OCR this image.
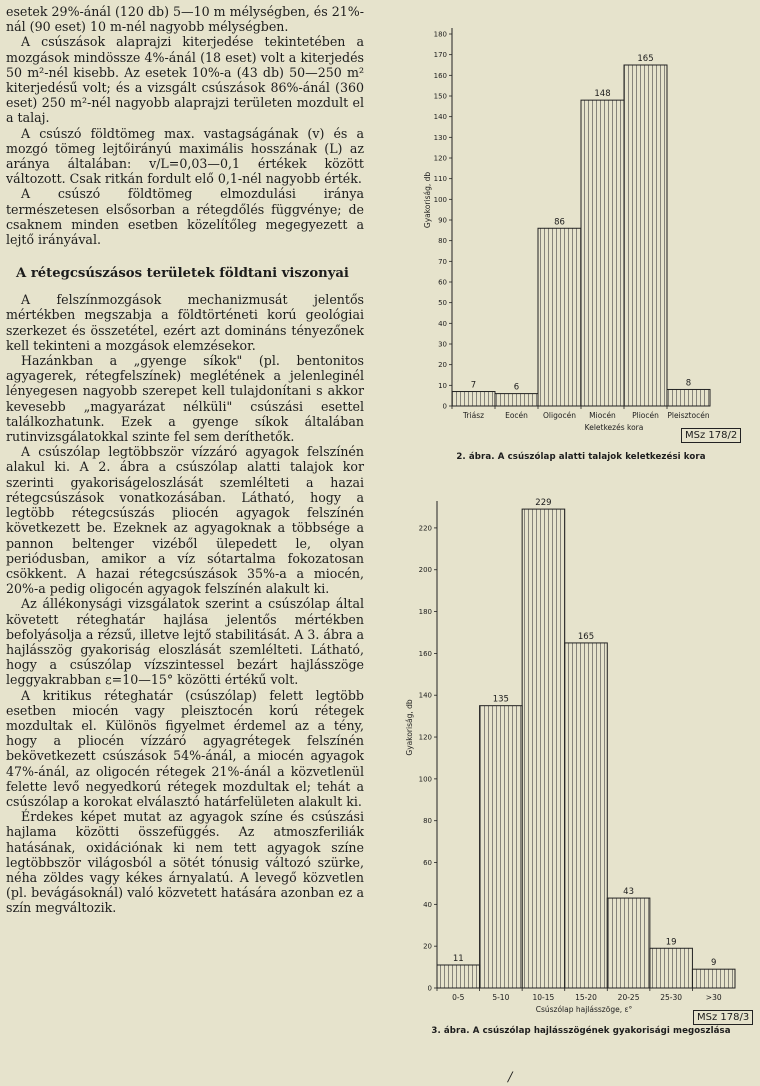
esetek 29%-ánál (120 db) 5—10 m mélységben, és 21%-nál (90 eset) 10 m-nél nagyobb mélységben.

A csúszások alaprajzi kiterjedése tekintetében a mozgások mindössze 4%-ánál (18 eset) volt a kiterjedés 50 m²-nél kisebb. Az esetek 10%-a (43 db) 50—250 m² kiterjedésű volt; és a vizsgált csúszások 86%-ánál (360 eset) 250 m²-nél nagyobb alaprajzi területen mozdult el a talaj.

A csúszó földtömeg max. vastagságának (v) és a mozgó tömeg lejtőirányú maximális hosszának (L) az aránya általában: v/L=0,03—0,1 értékek között változott. Csak ritkán fordult elő 0,1-nél nagyobb érték.

A csúszó földtömeg elmozdulási iránya természetesen elsősorban a rétegdőlés függvénye; de csaknem minden esetben közelítőleg megegyezett a lejtő irányával.

A rétegcsúszásos területek földtani viszonyai

A felszínmozgások mechanizmusát jelentős mértékben megszabja a földtörténeti korú geológiai szerkezet és összetétel, ezért azt domináns tényezőnek kell tekinteni a mozgások elemzésekor.

Hazánkban a „gyenge síkok" (pl. bentonitos agyagerek, rétegfelszínek) meglétének a jelenleginél lényegesen nagyobb szerepet kell tulajdonítani s akkor kevesebb „magyarázat nélküli" csúszási esettel találkozhatunk. Ezek a gyenge síkok általában rutinvizsgálatokkal szinte fel sem deríthetők.

A csúszólap legtöbbször vízzáró agyagok felszínén alakul ki. A 2. ábra a csúszólap alatti talajok kor szerinti gyakoriságeloszlását szemlélteti a hazai rétegcsúszások vonatkozásában. Látható, hogy a legtöbb rétegcsúszás pliocén agyagok felszínén következett be. Ezeknek az agyagoknak a többsége a pannon beltenger vizéből ülepedett le, olyan periódusban, amikor a víz sótartalma fokozatosan csökkent. A hazai rétegcsúszások 35%-a a miocén, 20%-a pedig oligocén agyagok felszínén alakult ki.

Az állékonysági vizsgálatok szerint a csúszólap által követett réteghatár hajlása jelentős mértékben befolyásolja a rézsű, illetve lejtő stabilitását. A 3. ábra a hajlásszög gyakoriság eloszlását szemlélteti. Látható, hogy a csúszólap vízszintessel bezárt hajlásszöge leggyakrabban ε=10—15° közötti értékű volt.

A kritikus réteghatár (csúszólap) felett legtöbb esetben miocén vagy pleisztocén korú rétegek mozdultak el. Különös figyelmet érdemel az a tény, hogy a pliocén vízzáró agyagrétegek felszínén bekövetkezett csúszások 54%-ánál, a miocén agyagok 47%-ánál, az oligocén rétegek 21%-ánál a közvetlenül felette levő negyedkorú rétegek mozdultak el; tehát a csúszólap a korokat elválasztó határfelületen alakult ki.

Érdekes képet mutat az agyagok színe és csúszási hajlama közötti összefüggés. Az atmoszferiliák hatásának, oxidációnak ki nem tett agyagok színe legtöbbször világosból a sötét tónusig változó szürke, néha zöldes vagy kékes árnyalatú. A levegő közvetlen (pl. bevágásoknál) való közvetett hatására azonban ez a szín megváltozik.

0
10
20
30
40
50
60
70
80
90
100
110
120
130
140
150
160
170
180
Gyakoriság, db
7
Triász
6
Eocén
86
Oligocén
148
Miocén
165
Pliocén
8
Pleisztocén
Keletkezés kora
MSz 178/2
2. ábra. A csúszólap alatti talajok keletkezési kora
0
20
40
60
80
100
120
140
160
180
200
220
Gyakoriság, db
11
0-5
135
5-10
229
10-15
165
15-20
43
20-25
19
25-30
9
>30
Csúszólap hajlásszöge, ε°
MSz 178/3
3. ábra. A csúszólap hajlásszögének gyakorisági megoszlása
/
